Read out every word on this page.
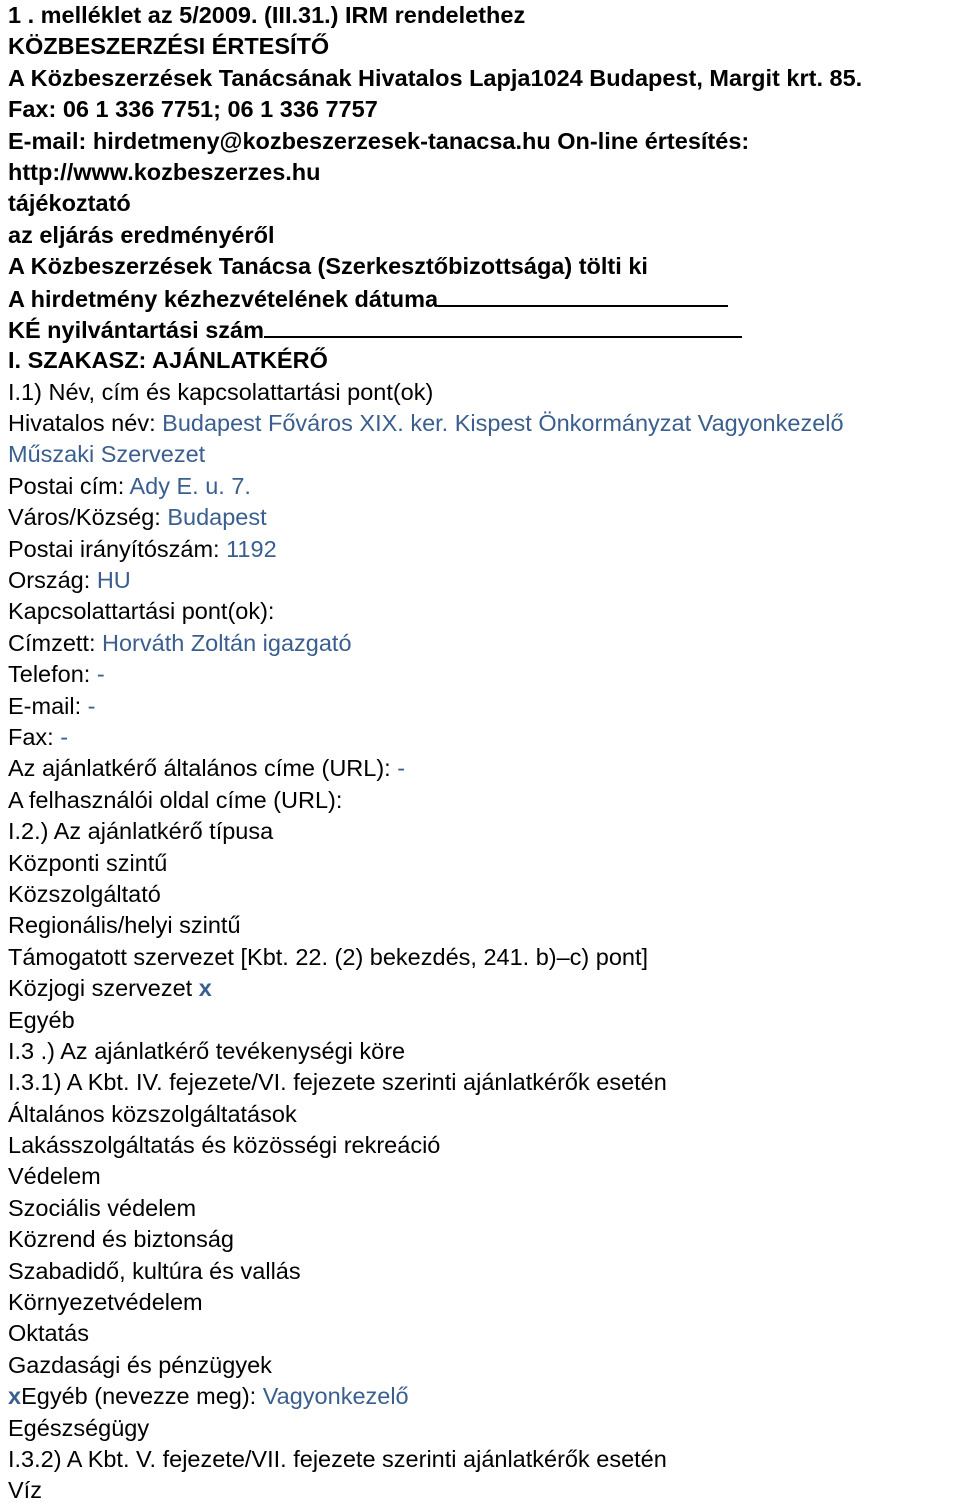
1 . melléklet az 5/2009. (III.31.) IRM rendelethez
KÖZBESZERZÉSI ÉRTESÍTŐ
A Közbeszerzések Tanácsának Hivatalos Lapja1024 Budapest, Margit krt. 85.
Fax: 06 1 336 7751; 06 1 336 7757
E-mail: hirdetmeny@kozbeszerzesek-tanacsa.hu On-line értesítés:
http://www.kozbeszerzes.hu
tájékoztató
az eljárás eredményéről
A Közbeszerzések Tanácsa (Szerkesztőbizottsága) tölti ki
A hirdetmény kézhezvételének dátuma
KÉ nyilvántartási szám
I. SZAKASZ: AJÁNLATKÉRŐ
I.1) Név, cím és kapcsolattartási pont(ok)
Hivatalos név: Budapest Főváros XIX. ker. Kispest Önkormányzat Vagyonkezelő
Műszaki Szervezet
Postai cím: Ady E. u. 7.
Város/Község: Budapest
Postai irányítószám: 1192
Ország: HU
Kapcsolattartási pont(ok):
Címzett: Horváth Zoltán igazgató
Telefon: -
E-mail: -
Fax: -
Az ajánlatkérő általános címe (URL): -
A felhasználói oldal címe (URL):
I.2.) Az ajánlatkérő típusa
Központi szintű
Közszolgáltató
Regionális/helyi szintű
Támogatott szervezet [Kbt. 22. (2) bekezdés, 241. b)–c) pont]
Közjogi szervezet x
Egyéb
I.3 .) Az ajánlatkérő tevékenységi köre
I.3.1) A Kbt. IV. fejezete/VI. fejezete szerinti ajánlatkérők esetén
Általános közszolgáltatások
Lakásszolgáltatás és közösségi rekreáció
Védelem
Szociális védelem
Közrend és biztonság
Szabadidő, kultúra és vallás
Környezetvédelem
Oktatás
Gazdasági és pénzügyek
xEgyéb (nevezze meg): Vagyonkezelő
Egészségügy
I.3.2) A Kbt. V. fejezete/VII. fejezete szerinti ajánlatkérők esetén
Víz
